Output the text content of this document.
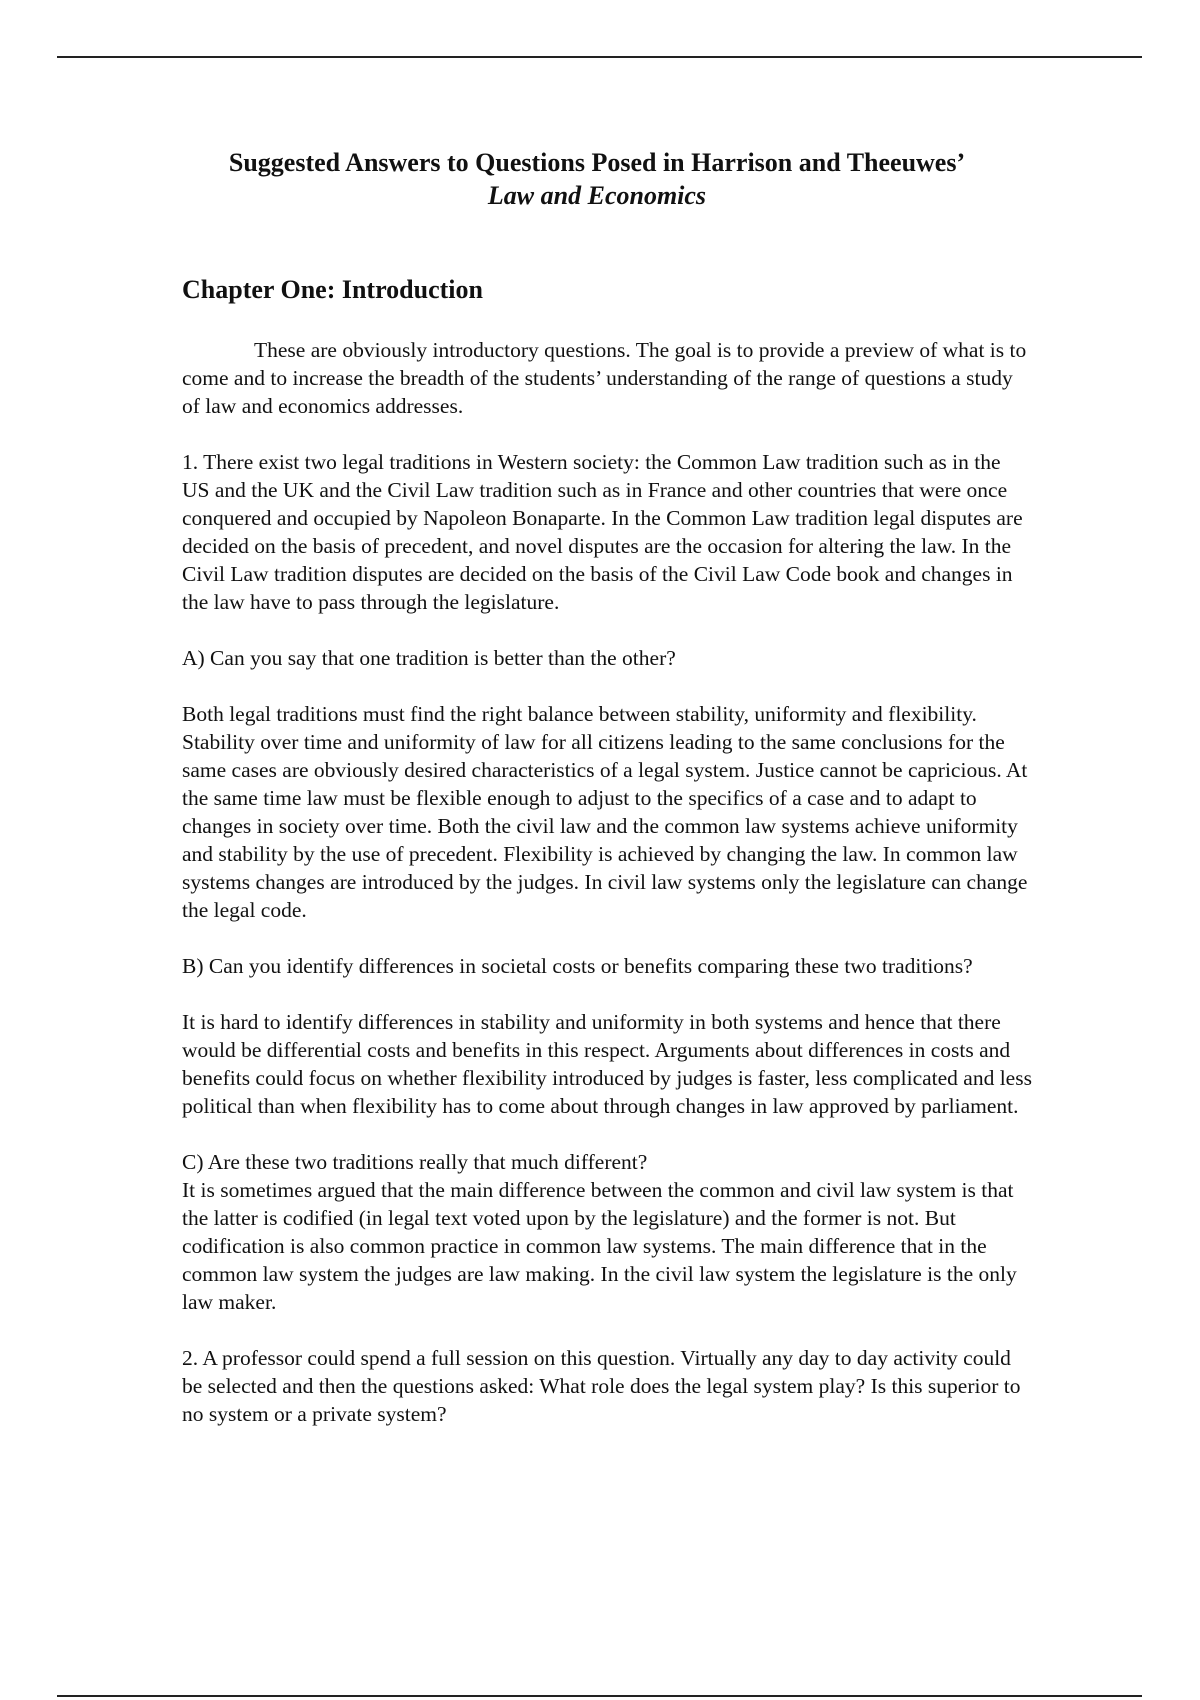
Suggested Answers to Questions Posed in Harrison and Theeuwes’
Law and Economics
Chapter One: Introduction

These are obviously introductory questions. The goal is to provide a preview of what is to come and to increase the breadth of the students’ understanding of the range of questions a study of law and economics addresses.

1. There exist two legal traditions in Western society: the Common Law tradition such as in the US and the UK and the Civil Law tradition such as in France and other countries that were once conquered and occupied by Napoleon Bonaparte. In the Common Law tradition legal disputes are decided on the basis of precedent, and novel disputes are the occasion for altering the law. In the Civil Law tradition disputes are decided on the basis of the Civil Law Code book and changes in the law have to pass through the legislature.

A) Can you say that one tradition is better than the other?

Both legal traditions must find the right balance between stability, uniformity and flexibility. Stability over time and uniformity of law for all citizens leading to the same conclusions for the same cases are obviously desired characteristics of a legal system. Justice cannot be capricious. At the same time law must be flexible enough to adjust to the specifics of a case and to adapt to changes in society over time. Both the civil law and the common law systems achieve uniformity and stability by the use of precedent. Flexibility is achieved by changing the law. In common law systems changes are introduced by the judges. In civil law systems only the legislature can change the legal code.

B) Can you identify differences in societal costs or benefits comparing these two traditions?

It is hard to identify differences in stability and uniformity in both systems and hence that there would be differential costs and benefits in this respect. Arguments about differences in costs and benefits could focus on whether flexibility introduced by judges is faster, less complicated and less political than when flexibility has to come about through changes in law approved by parliament.

C) Are these two traditions really that much different?

It is sometimes argued that the main difference between the common and civil law system is that the latter is codified (in legal text voted upon by the legislature) and the former is not. But codification is also common practice in common law systems. The main difference that in the common law system the judges are law making. In the civil law system the legislature is the only law maker.

2. A professor could spend a full session on this question. Virtually any day to day activity could be selected and then the questions asked: What role does the legal system play? Is this superior to no system or a private system?
